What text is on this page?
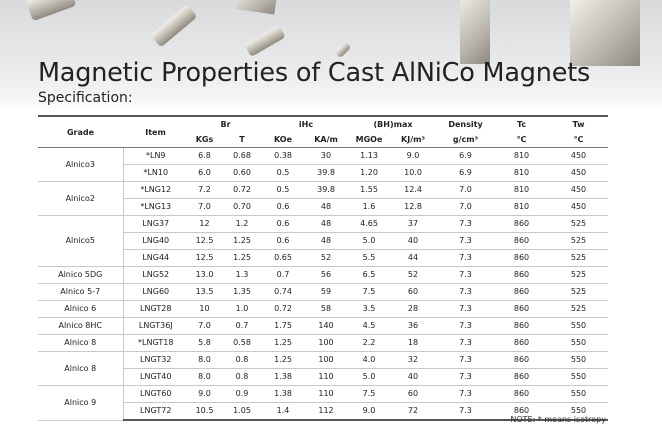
Magnetic Properties of Cast AlNiCo Magnets
Specification:
Grade	Item	Br		iHc		(BH)max		Density	Tc	Tw
		KGs	T	KOe	KA/m	MGOe	KJ/m³	g/cm³	℃	℃
Alnico3	*LN9	6.8	0.68	0.38	30	1.13	9.0	6.9	810	450
	*LN10	6.0	0.60	0.5	39.8	1.20	10.0	6.9	810	450
Alnico2	*LNG12	7.2	0.72	0.5	39.8	1.55	12.4	7.0	810	450
	*LNG13	7.0	0.70	0.6	48	1.6	12.8	7.0	810	450
Alnico5	LNG37	12	1.2	0.6	48	4.65	37	7.3	860	525
	LNG40	12.5	1.25	0.6	48	5.0	40	7.3	860	525
	LNG44	12.5	1.25	0.65	52	5.5	44	7.3	860	525
Alnico 5DG	LNG52	13.0	1.3	0.7	56	6.5	52	7.3	860	525
Alnico 5-7	LNG60	13.5	1.35	0.74	59	7.5	60	7.3	860	525
Alnico 6	LNGT28	10	1.0	0.72	58	3.5	28	7.3	860	525
Alnico 8HC	LNGT36J	7.0	0.7	1.75	140	4.5	36	7.3	860	550
Alnico 8	*LNGT18	5.8	0.58	1.25	100	2.2	18	7.3	860	550
Alnico 8	LNGT32	8.0	0.8	1.25	100	4.0	32	7.3	860	550
	LNGT40	8.0	0.8	1.38	110	5.0	40	7.3	860	550
Alnico 9	LNGT60	9.0	0.9	1.38	110	7.5	60	7.3	860	550
	LNGT72	10.5	1.05	1.4	112	9.0	72	7.3	860	550
NOTE: * means isotropy
